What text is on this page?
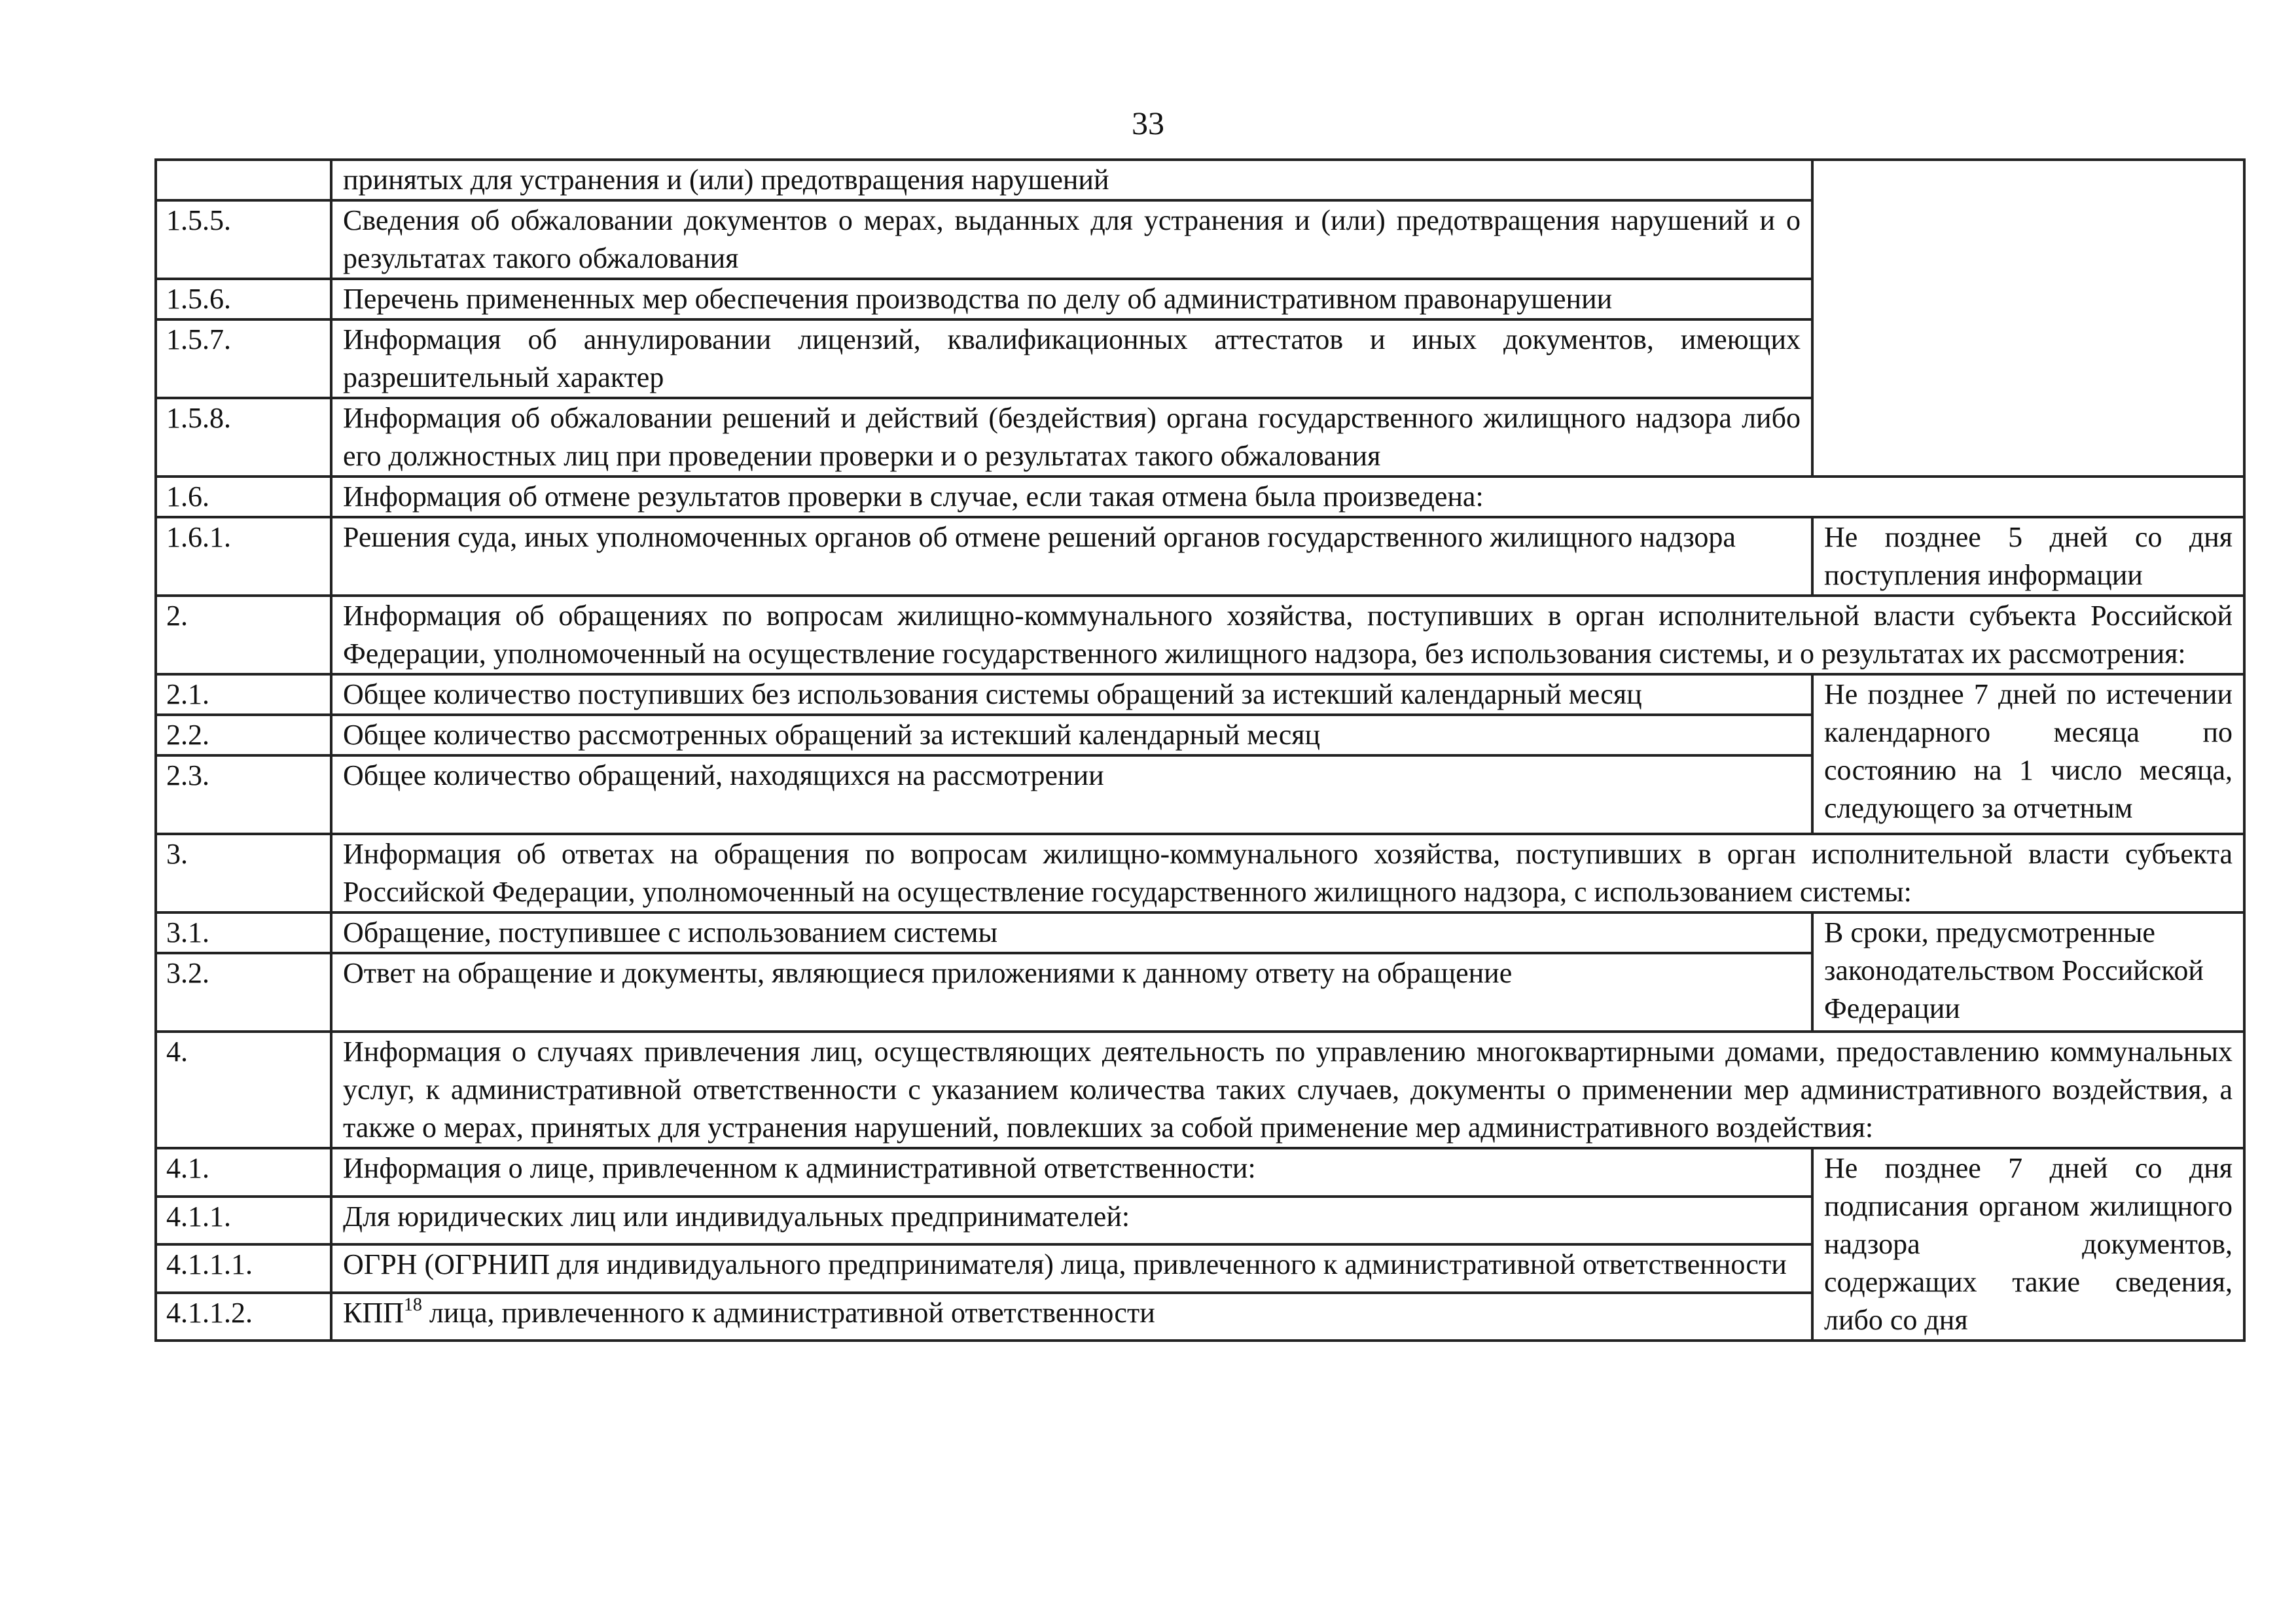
33
	принятых для устранения и (или) предотвращения нарушений	
1.5.5.	Сведения об обжаловании документов о мерах, выданных для устранения и (или) предотвращения нарушений и о результатах такого обжалования	
1.5.6.	Перечень примененных мер обеспечения производства по делу об административном правонарушении	
1.5.7.	Информация об аннулировании лицензий, квалификационных аттестатов и иных документов, имеющих разрешительный характер	
1.5.8.	Информация об обжаловании решений и действий (бездействия) органа государственного жилищного надзора либо его должностных лиц при проведении проверки и о результатах такого обжалования	
1.6.	Информация об отмене результатов проверки в случае, если такая отмена была произведена:	
1.6.1.	Решения суда, иных уполномоченных органов об отмене решений органов государственного жилищного надзора	Не позднее 5 дней со дня поступления информации
2.	Информация об обращениях по вопросам жилищно-коммунального хозяйства, поступивших в орган исполнительной власти субъекта Российской Федерации, уполномоченный на осуществление государственного жилищного надзора, без использования системы, и о результатах их рассмотрения:	
2.1.	Общее количество поступивших без использования системы обращений за истекший календарный месяц	Не позднее 7 дней по истечении календарного месяца по состоянию на 1 число месяца, следующего за отчетным
2.2.	Общее количество рассмотренных обращений за истекший календарный месяц	
2.3.	Общее количество обращений, находящихся на рассмотрении	
3.	Информация об ответах на обращения по вопросам жилищно-коммунального хозяйства, поступивших в орган исполнительной власти субъекта Российской Федерации, уполномоченный на осуществление государственного жилищного надзора, с использованием системы:	
3.1.	Обращение, поступившее с использованием системы	В сроки, предусмотренные законодательством Российской Федерации
3.2.	Ответ на обращение и документы, являющиеся приложениями к данному ответу на обращение	
4.	Информация о случаях привлечения лиц, осуществляющих деятельность по управлению многоквартирными домами, предоставлению коммунальных услуг, к административной ответственности с указанием количества таких случаев, документы о применении мер административного воздействия, а также о мерах, принятых для устранения нарушений, повлекших за собой применение мер административного воздействия:	
4.1.	Информация о лице, привлеченном к административной ответственности:	Не позднее 7 дней со дня подписания органом жилищного надзора документов, содержащих такие сведения, либо со дня
4.1.1.	Для юридических лиц или индивидуальных предпринимателей:	
4.1.1.1.	ОГРН (ОГРНИП для индивидуального предпринимателя) лица, привлеченного к административной ответственности	
4.1.1.2.	КПП$^{18}$ лица, привлеченного к административной ответственности	
